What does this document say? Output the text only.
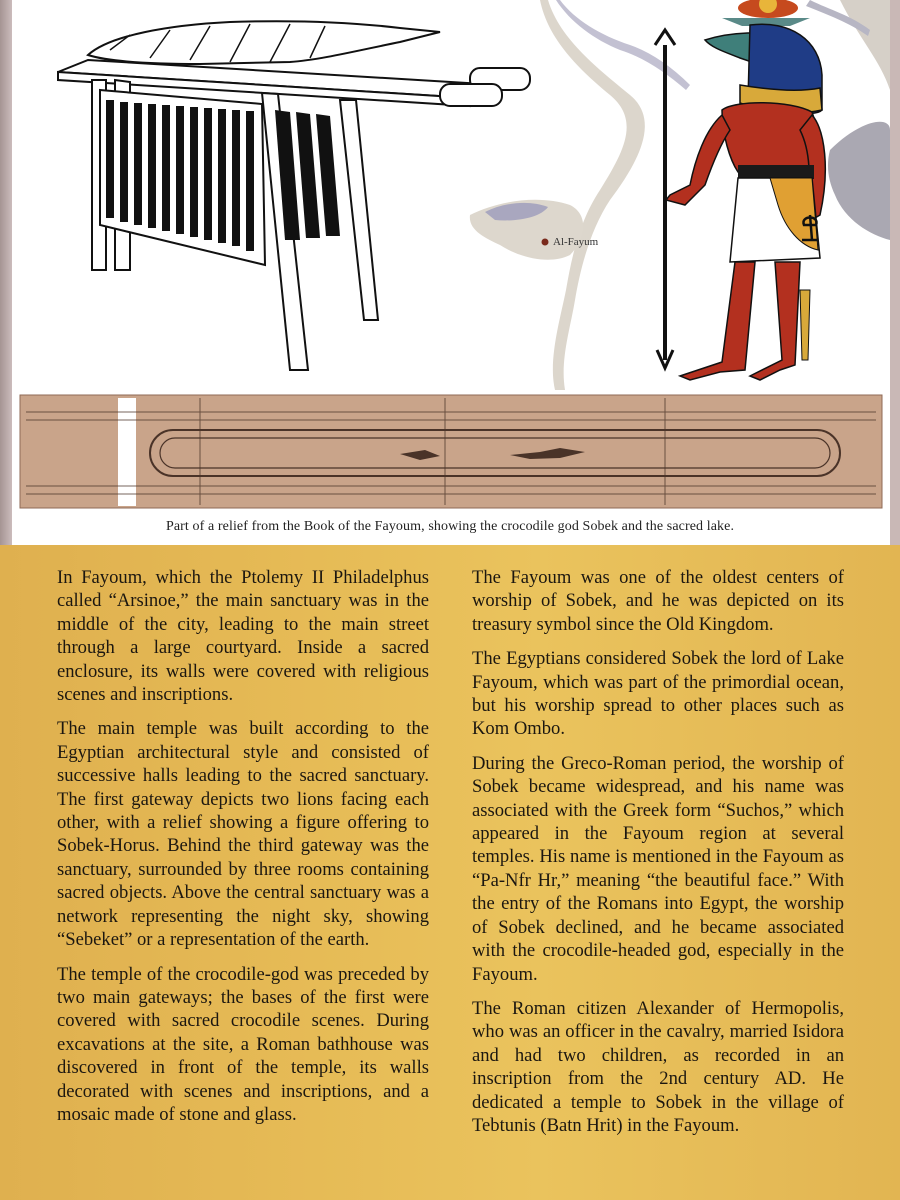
Al-Fayum
Part of a relief from the Book of the Fayoum, showing the crocodile god Sobek and the sacred lake.

In Fayoum, which the Ptolemy II Philadelphus called “Arsinoe,” the main sanctuary was in the middle of the city, leading to the main street through a large courtyard. Inside a sacred enclosure, its walls were covered with religious scenes and inscriptions.

The main temple was built according to the Egyptian architectural style and consisted of successive halls leading to the sacred sanctuary. The first gateway depicts two lions facing each other, with a relief showing a figure offering to Sobek-Horus. Behind the third gateway was the sanctuary, surrounded by three rooms containing sacred objects. Above the central sanctuary was a network representing the night sky, showing “Sebeket” or a representation of the earth.

The temple of the crocodile-god was preceded by two main gateways; the bases of the first were covered with sacred crocodile scenes. During excavations at the site, a Roman bathhouse was discovered in front of the temple, its walls decorated with scenes and inscriptions, and a mosaic made of stone and glass.

The Fayoum was one of the oldest centers of worship of Sobek, and he was depicted on its treasury symbol since the Old Kingdom.

The Egyptians considered Sobek the lord of Lake Fayoum, which was part of the primordial ocean, but his worship spread to other places such as Kom Ombo.

During the Greco-Roman period, the worship of Sobek became widespread, and his name was associated with the Greek form “Suchos,” which appeared in the Fayoum region at several temples. His name is mentioned in the Fayoum as “Pa-Nfr Hr,” meaning “the beautiful face.” With the entry of the Romans into Egypt, the worship of Sobek declined, and he became associated with the crocodile-headed god, especially in the Fayoum.

The Roman citizen Alexander of Hermopolis, who was an officer in the cavalry, married Isidora and had two children, as recorded in an inscription from the 2nd century AD. He dedicated a temple to Sobek in the village of Tebtunis (Batn Hrit) in the Fayoum.
